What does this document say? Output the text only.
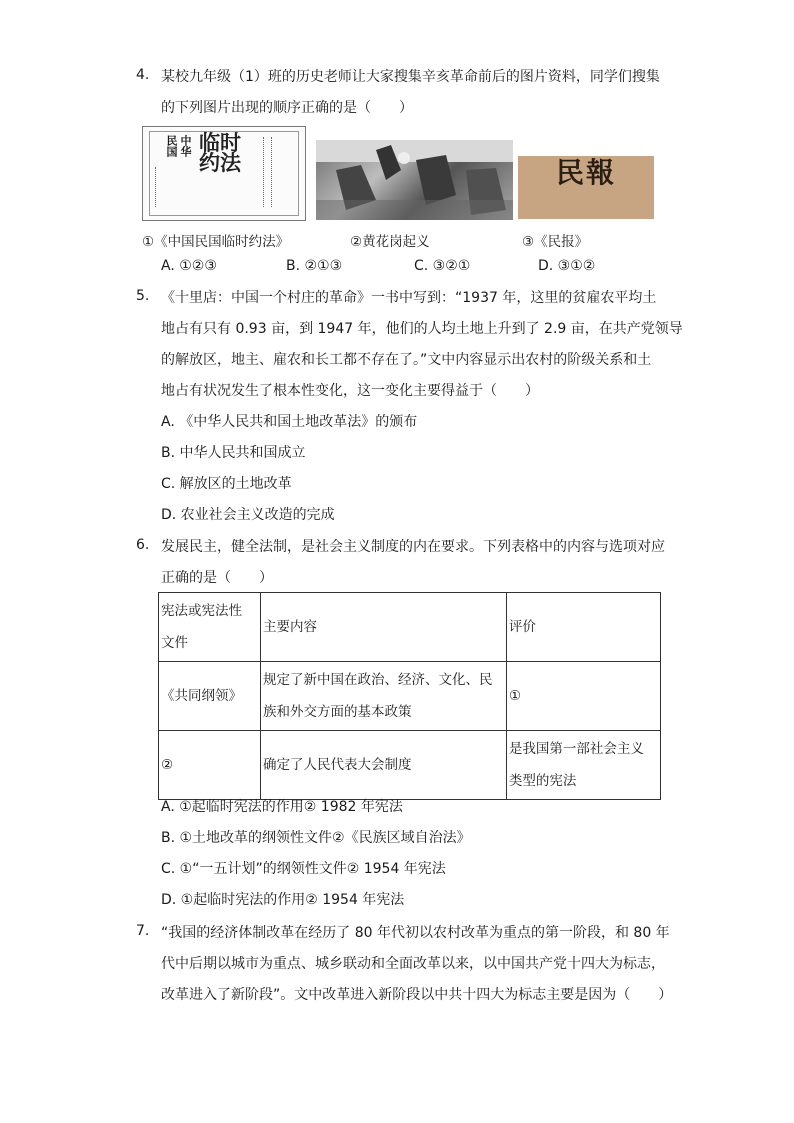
4. 某校九年级（1）班的历史老师让大家搜集辛亥革命前后的图片资料，同学们搜集
的下列图片出现的顺序正确的是（　　）
中华
民国 临时约法	民報
①《中国民国临时约法》	②黄花岗起义	③《民报》
A. ①②③	B. ②①③	C. ③②①	D. ③①②
5. 《十里店：中国一个村庄的革命》一书中写到：“1937 年，这里的贫雇农平均土
地占有只有 0.93 亩，到 1947 年，他们的人均土地上升到了 2.9 亩，在共产党领导
的解放区，地主、雇农和长工都不存在了。”文中内容显示出农村的阶级关系和土
地占有状况发生了根本性变化，这一变化主要得益于（　　）
A. 《中华人民共和国土地改革法》的颁布
B. 中华人民共和国成立
C. 解放区的土地改革
D. 农业社会主义改造的完成
6. 发展民主，健全法制，是社会主义制度的内在要求。下列表格中的内容与选项对应
正确的是（　　）
宪法或宪法性
文件	主要内容	评价
《共同纲领》	规定了新中国在政治、经济、文化、民
族和外交方面的基本政策	①
②	确定了人民代表大会制度	是我国第一部社会主义
类型的宪法
A. ①起临时宪法的作用② 1982 年宪法
B. ①土地改革的纲领性文件②《民族区域自治法》
C. ①“一五计划”的纲领性文件② 1954 年宪法
D. ①起临时宪法的作用② 1954 年宪法
7. “我国的经济体制改革在经历了 80 年代初以农村改革为重点的第一阶段，和 80 年
代中后期以城市为重点、城乡联动和全面改革以来，以中国共产党十四大为标志，
改革进入了新阶段”。文中改革进入新阶段以中共十四大为标志主要是因为（　　）
